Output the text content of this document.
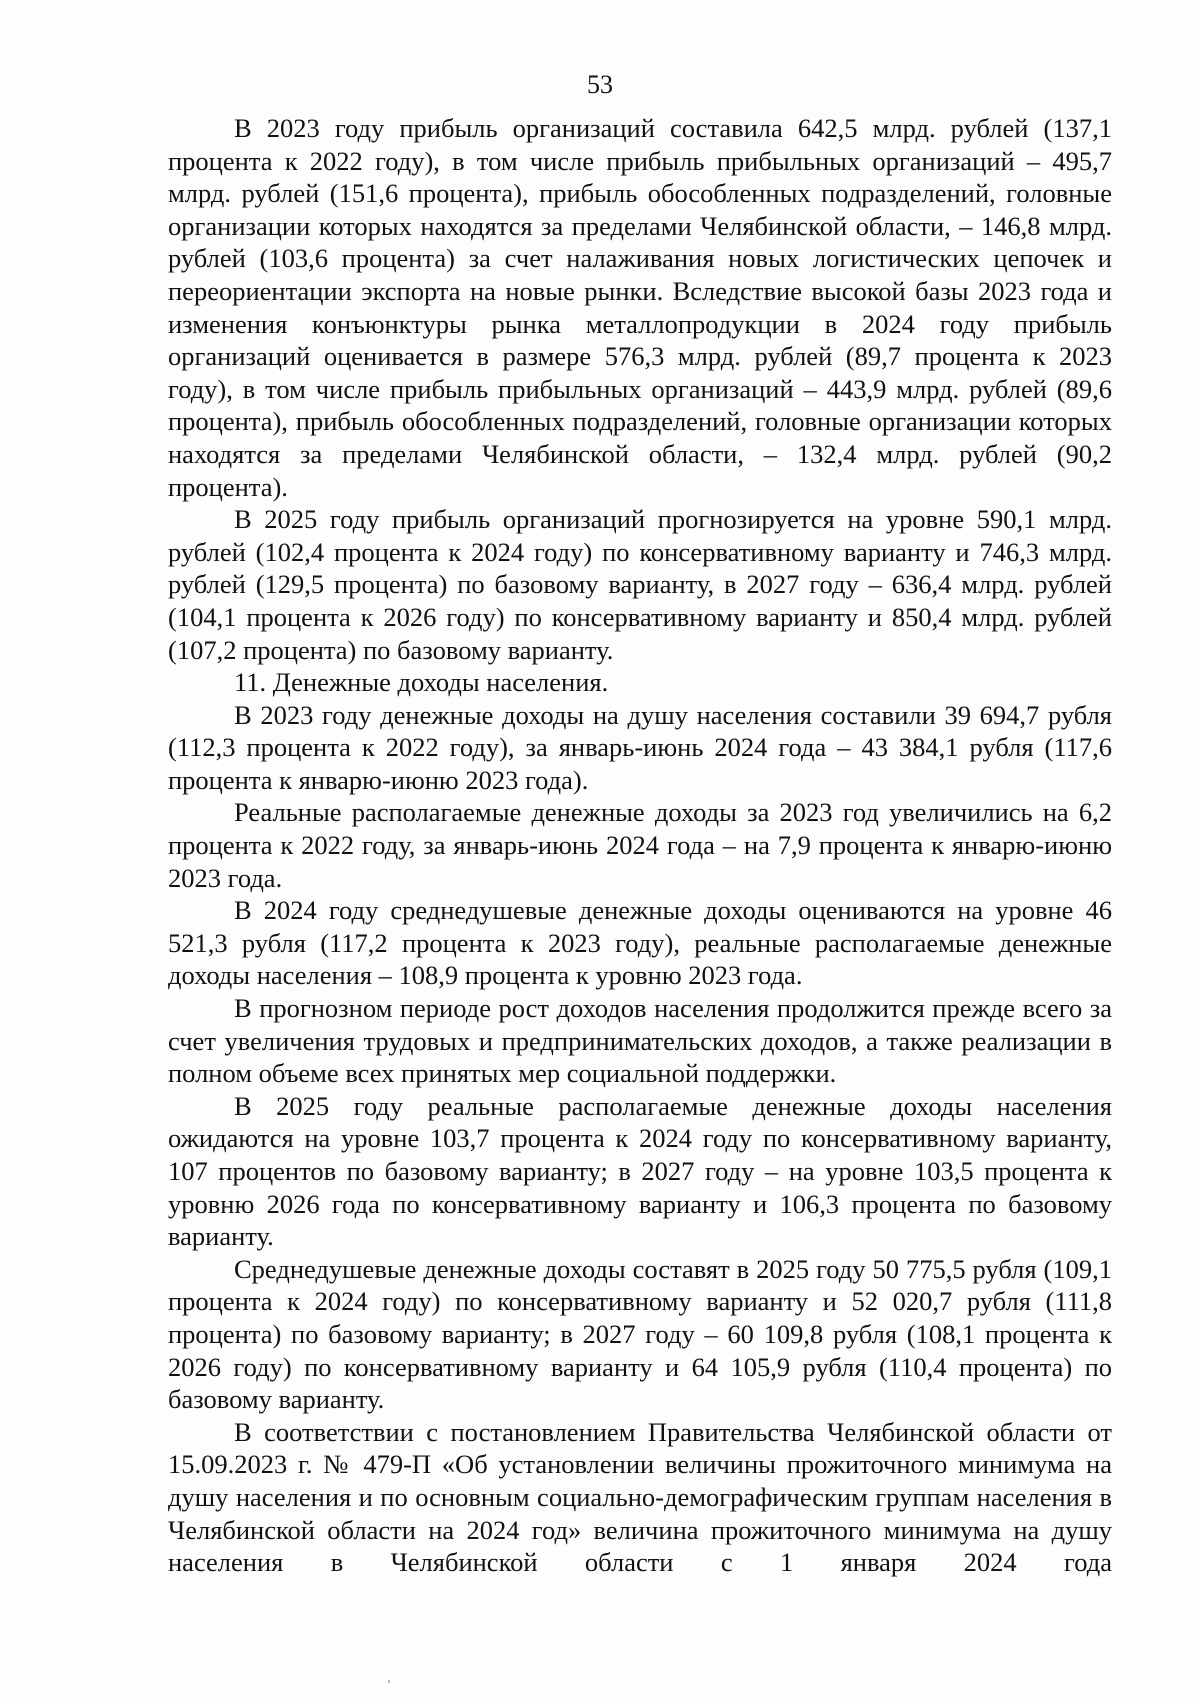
53

В 2023 году прибыль организаций составила 642,5 млрд. рублей (137,1 процента к 2022 году), в том числе прибыль прибыльных организаций – 495,7 млрд. рублей (151,6 процента), прибыль обособленных подразделений, головные организации которых находятся за пределами Челябинской области, – 146,8 млрд. рублей (103,6 процента) за счет налаживания новых логистических цепочек и переориентации экспорта на новые рынки. Вследствие высокой базы 2023 года и изменения конъюнктуры рынка металлопродукции в 2024 году прибыль организаций оценивается в размере 576,3 млрд. рублей (89,7 процента к 2023 году), в том числе прибыль прибыльных организаций – 443,9 млрд. рублей (89,6 процента), прибыль обособленных подразделений, головные организации которых находятся за пределами Челябинской области, – 132,4 млрд. рублей (90,2 процента).

В 2025 году прибыль организаций прогнозируется на уровне 590,1 млрд. рублей (102,4 процента к 2024 году) по консервативному варианту и 746,3 млрд. рублей (129,5 процента) по базовому варианту, в 2027 году – 636,4 млрд. рублей (104,1 процента к 2026 году) по консервативному варианту и 850,4 млрд. рублей (107,2 процента) по базовому варианту.

11. Денежные доходы населения.

В 2023 году денежные доходы на душу населения составили 39 694,7 рубля (112,3 процента к 2022 году), за январь-июнь 2024 года – 43 384,1 рубля (117,6 процента к январю-июню 2023 года).

Реальные располагаемые денежные доходы за 2023 год увеличились на 6,2 процента к 2022 году, за январь-июнь 2024 года – на 7,9 процента к январю-июню 2023 года.

В 2024 году среднедушевые денежные доходы оцениваются на уровне 46 521,3 рубля (117,2 процента к 2023 году), реальные располагаемые денежные доходы населения – 108,9 процента к уровню 2023 года.

В прогнозном периоде рост доходов населения продолжится прежде всего за счет увеличения трудовых и предпринимательских доходов, а также реализации в полном объеме всех принятых мер социальной поддержки.

В 2025 году реальные располагаемые денежные доходы населения ожидаются на уровне 103,7 процента к 2024 году по консервативному варианту, 107 процентов по базовому варианту; в 2027 году – на уровне 103,5 процента к уровню 2026 года по консервативному варианту и 106,3 процента по базовому варианту.

Среднедушевые денежные доходы составят в 2025 году 50 775,5 рубля (109,1 процента к 2024 году) по консервативному варианту и 52 020,7 рубля (111,8 процента) по базовому варианту; в 2027 году – 60 109,8 рубля (108,1 процента к 2026 году) по консервативному варианту и 64 105,9 рубля (110,4 процента) по базовому варианту.

В соответствии с постановлением Правительства Челябинской области от 15.09.2023 г. № 479-П «Об установлении величины прожиточного минимума на душу населения и по основным социально-демографическим группам населения в Челябинской области на 2024 год» величина прожиточного минимума на душу населения в Челябинской области с 1 января 2024 года
